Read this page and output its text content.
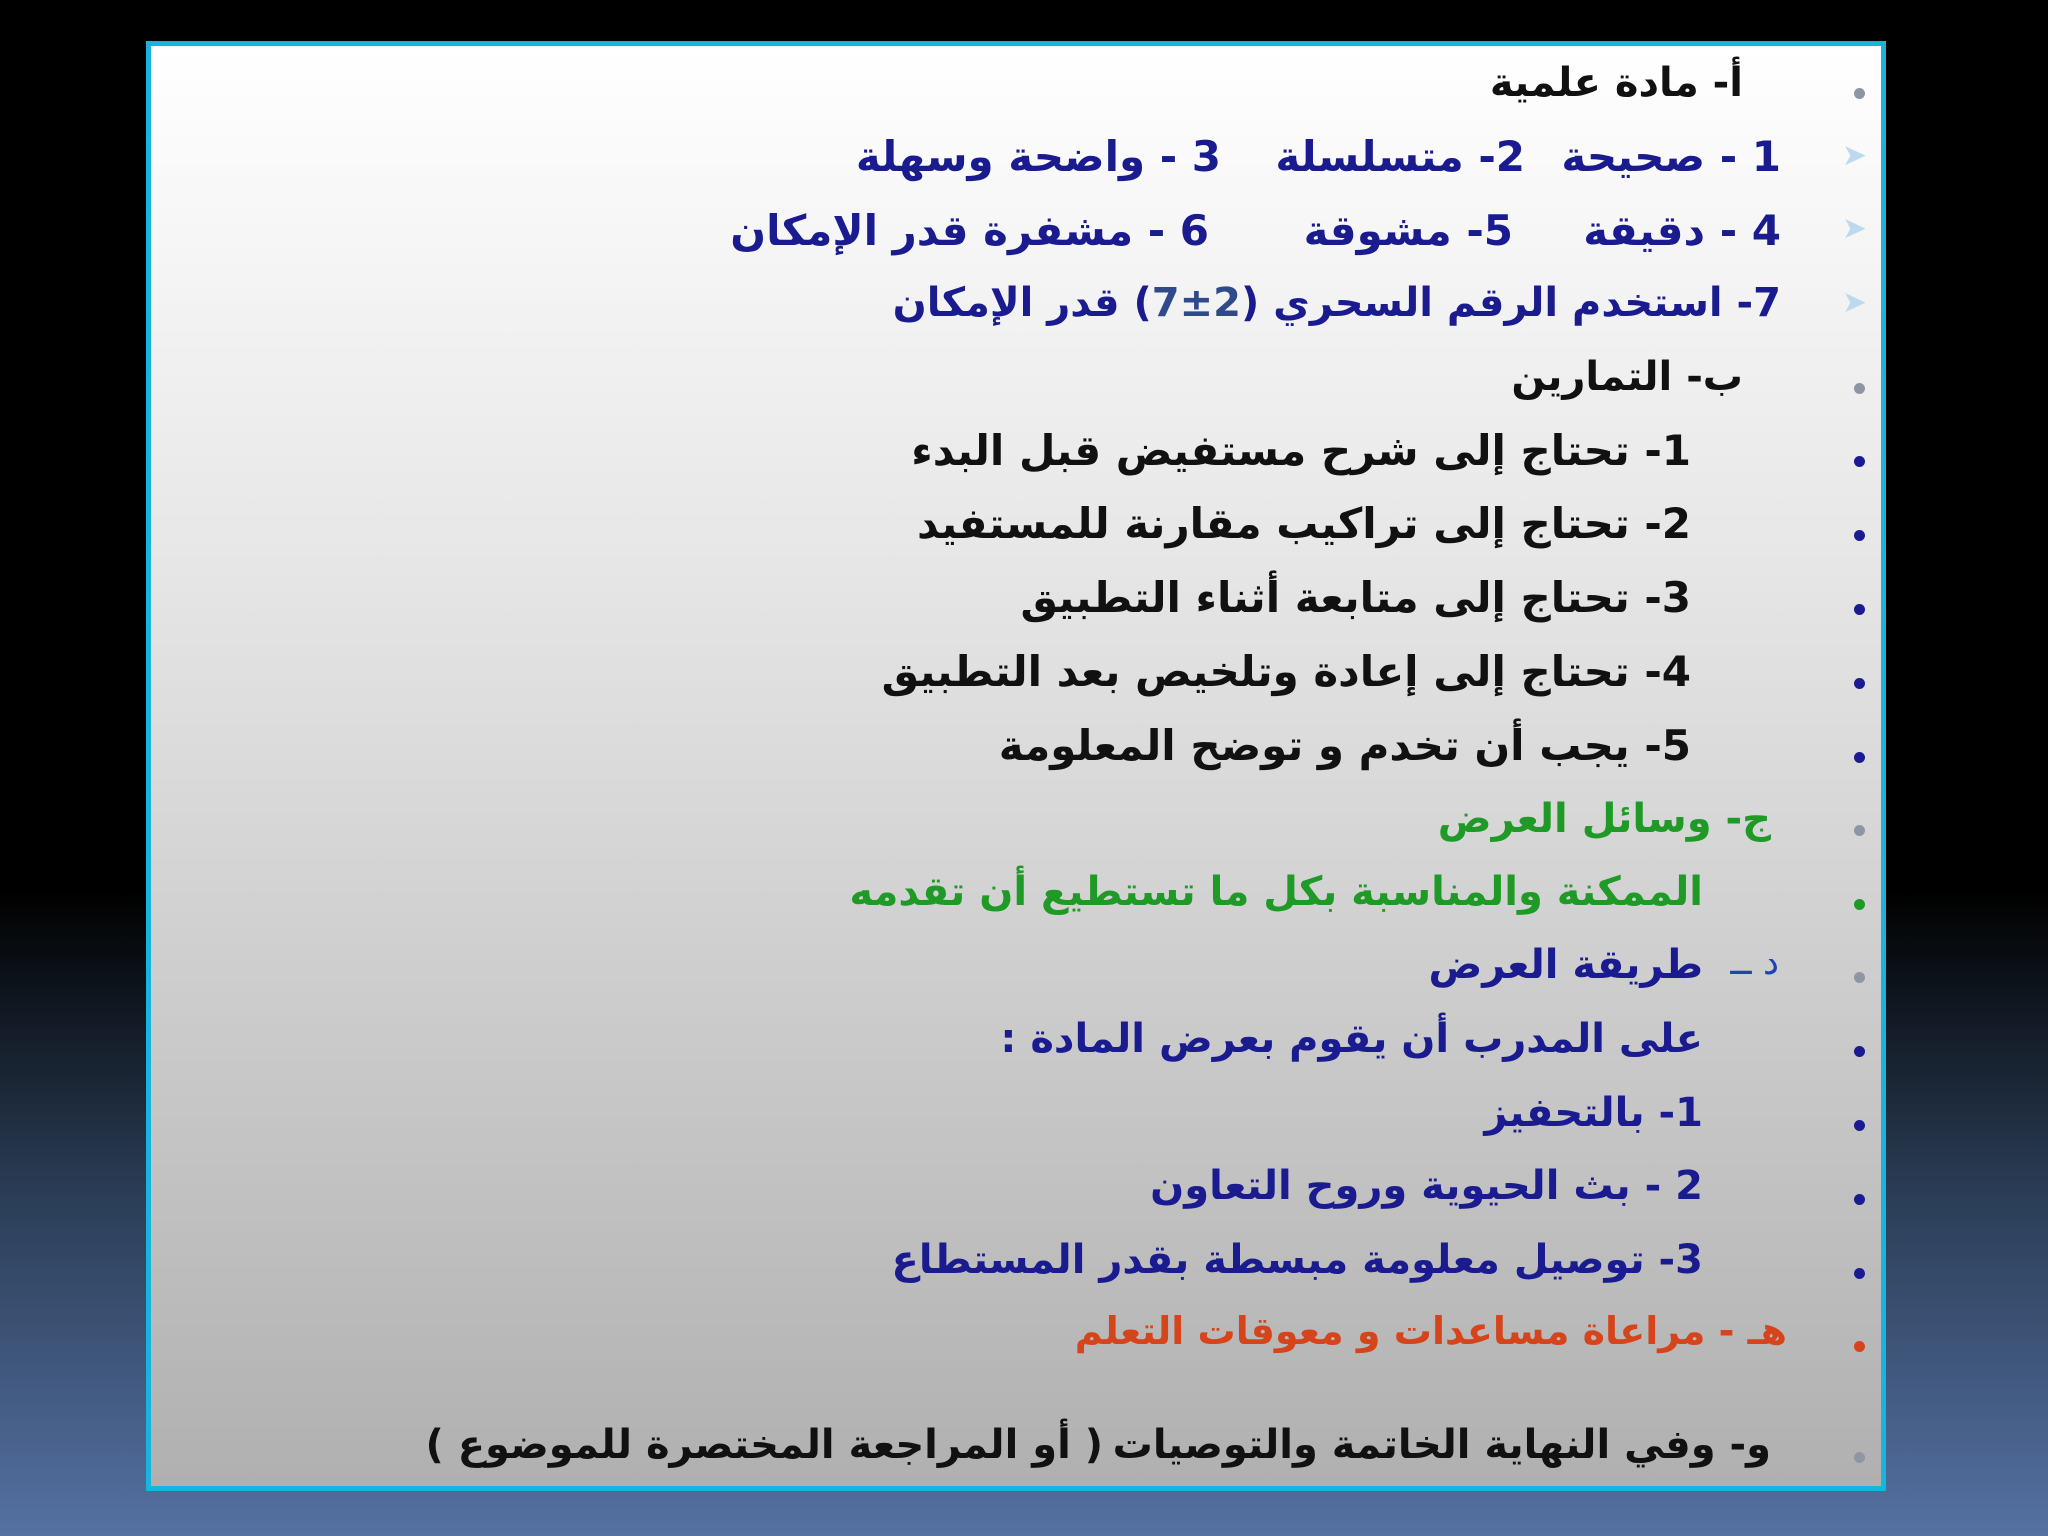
أ- مادة علمية
➤
1 - صحيحة
2- متسلسلة
3 - واضحة وسهلة
➤
4 - دقيقة
5- مشوقة
6 - مشفرة قدر الإمكان
➤
7- استخدم الرقم السحري (7±2) قدر الإمكان
ب- التمارين
1- تحتاج إلى شرح مستفيض قبل البدء
2- تحتاج إلى تراكيب مقارنة للمستفيد
3- تحتاج إلى متابعة أثناء التطبيق
4- تحتاج إلى إعادة وتلخيص بعد التطبيق
5- يجب أن تخدم و توضح المعلومة
ج- وسائل العرض
الممكنة والمناسبة بكل ما تستطيع أن تقدمه
د ــ
طريقة العرض
على المدرب أن يقوم بعرض المادة :
1- بالتحفيز
2 - بث الحيوية وروح التعاون
3- توصيل معلومة مبسطة بقدر المستطاع
هـ - مراعاة مساعدات و معوقات التعلم
و- وفي النهاية الخاتمة والتوصيات
( أو المراجعة المختصرة للموضوع )
